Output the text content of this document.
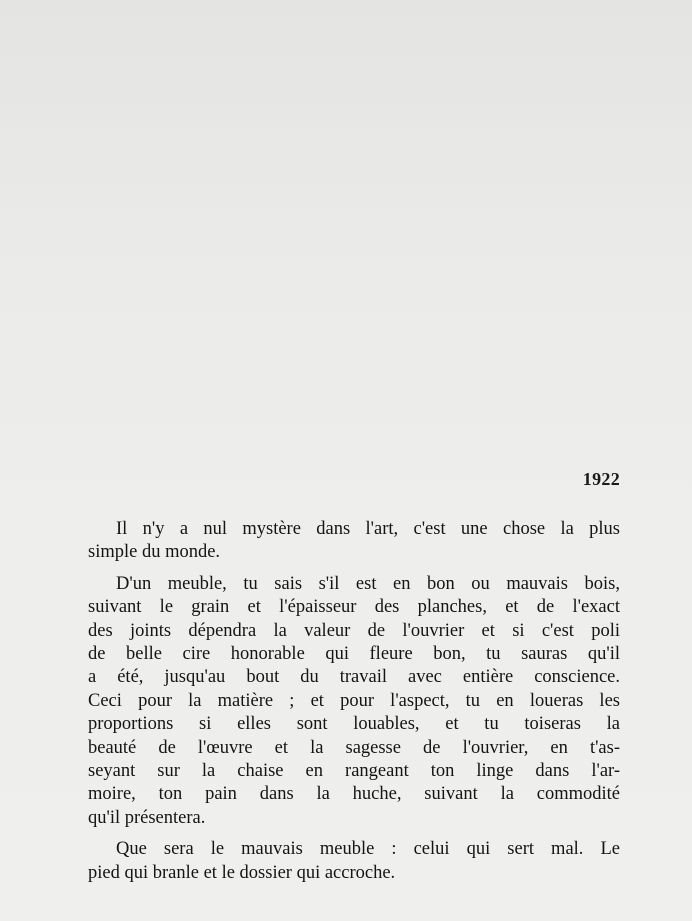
1922

Il n'y a nul mystère dans l'art, c'est une chose la plus
simple du monde.

D'un meuble, tu sais s'il est en bon ou mauvais bois,
suivant le grain et l'épaisseur des planches, et de l'exact
des joints dépendra la valeur de l'ouvrier et si c'est poli
de belle cire honorable qui fleure bon, tu sauras qu'il
a été, jusqu'au bout du travail avec entière conscience.
Ceci pour la matière ; et pour l'aspect, tu en loueras les
proportions si elles sont louables, et tu toiseras la
beauté de l'œuvre et la sagesse de l'ouvrier, en t'as-
seyant sur la chaise en rangeant ton linge dans l'ar-
moire, ton pain dans la huche, suivant la commodité
qu'il présentera.

Que sera le mauvais meuble : celui qui sert mal. Le
pied qui branle et le dossier qui accroche.
